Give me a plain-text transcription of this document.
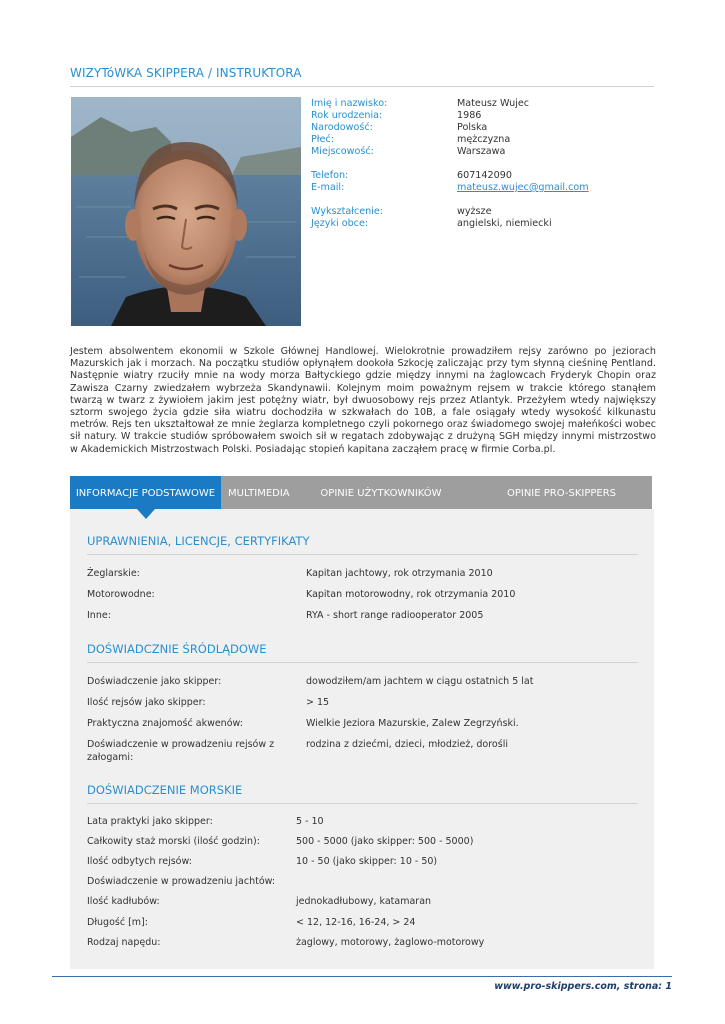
WIZYTóWKA SKIPPERA / INSTRUKTORA
Imię i nazwisko:	Mateusz Wujec
Rok urodzenia:	1986
Narodowość:	Polska
Płeć:	mężczyzna
Miejscowość:	Warszawa
Telefon:	607142090
E-mail:	mateusz.wujec@gmail.com
Wykształcenie:	wyższe
Języki obce:	angielski, niemiecki
Jestem absolwentem ekonomii w Szkole Głównej Handlowej. Wielokrotnie prowadziłem rejsy zarówno po jeziorach Mazurskich jak i morzach. Na początku studiów opłynąłem dookoła Szkocję zaliczając przy tym słynną cieśninę Pentland. Następnie wiatry rzuciły mnie na wody morza Bałtyckiego gdzie między innymi na żaglowcach Fryderyk Chopin oraz Zawisza Czarny zwiedzałem wybrzeża Skandynawii. Kolejnym moim poważnym rejsem w trakcie którego stanąłem twarzą w twarz z żywiołem jakim jest potężny wiatr, był dwuosobowy rejs przez Atlantyk. Przeżyłem wtedy największy sztorm swojego życia gdzie siła wiatru dochodziła w szkwałach do 10B, a fale osiągały wtedy wysokość kilkunastu metrów. Rejs ten ukształtował ze mnie żeglarza kompletnego czyli pokornego oraz świadomego swojej małeńkości wobec sił natury. W trakcie studiów spróbowałem swoich sił w regatach zdobywając z drużyną SGH między innymi mistrzostwo w Akademickich Mistrzostwach Polski. Posiadając stopień kapitana zacząłem pracę w firmie Corba.pl.
INFORMACJE PODSTAWOWE	MULTIMEDIA	OPINIE UŻYTKOWNIKÓW	OPINIE PRO-SKIPPERS
UPRAWNIENIA, LICENCJE, CERTYFIKATY
Żeglarskie:	Kapitan jachtowy, rok otrzymania 2010
Motorowodne:	Kapitan motorowodny, rok otrzymania 2010
Inne:	RYA - short range radiooperator 2005
DOŚWIADCZNIE ŚRÓDLĄDOWE
Doświadczenie jako skipper:	dowodziłem/am jachtem w ciągu ostatnich 5 lat
Ilość rejsów jako skipper:	> 15
Praktyczna znajomość akwenów:	Wielkie Jeziora Mazurskie, Zalew Zegrzyński.
Doświadczenie w prowadzeniu rejsów z załogami:
rodzina z dziećmi, dzieci, młodzież, dorośli
DOŚWIADCZENIE MORSKIE
Lata praktyki jako skipper:	5 - 10
Całkowity staż morski (ilość godzin):	500 - 5000 (jako skipper: 500 - 5000)
Ilość odbytych rejsów:	10 - 50 (jako skipper: 10 - 50)
Doświadczenie w prowadzeniu jachtów:
Ilość kadłubów:	jednokadłubowy, katamaran
Długość [m]:	< 12, 12-16, 16-24, > 24
Rodzaj napędu:	żaglowy, motorowy, żaglowo-motorowy
www.pro-skippers.com, strona: 1
